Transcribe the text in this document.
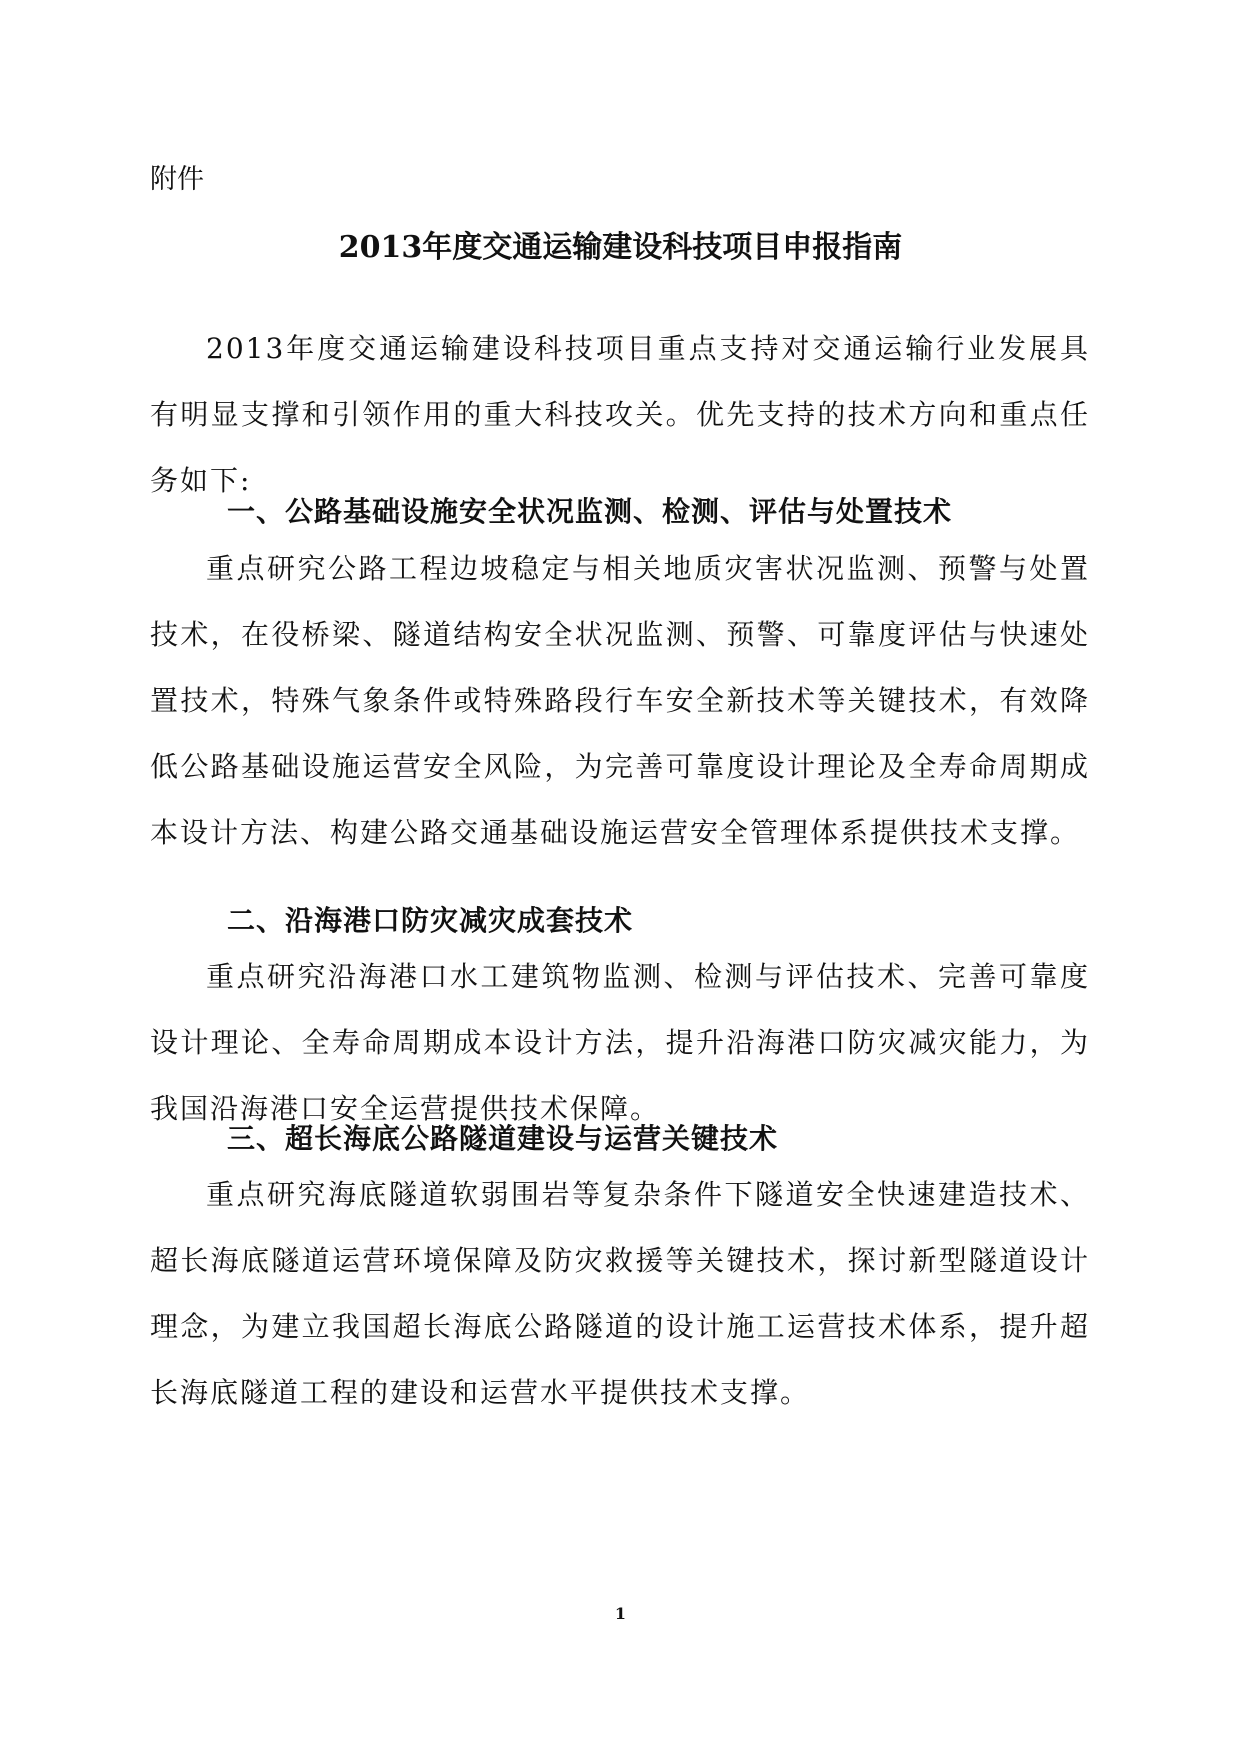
附件
2013年度交通运输建设科技项目申报指南

2013年度交通运输建设科技项目重点支持对交通运输行业发展具有明显支撑和引领作用的重大科技攻关。优先支持的技术方向和重点任务如下:

一、公路基础设施安全状况监测、检测、评估与处置技术

重点研究公路工程边坡稳定与相关地质灾害状况监测、预警与处置技术，在役桥梁、隧道结构安全状况监测、预警、可靠度评估与快速处置技术，特殊气象条件或特殊路段行车安全新技术等关键技术，有效降低公路基础设施运营安全风险，为完善可靠度设计理论及全寿命周期成本设计方法、构建公路交通基础设施运营安全管理体系提供技术支撑。

二、沿海港口防灾减灾成套技术

重点研究沿海港口水工建筑物监测、检测与评估技术、完善可靠度设计理论、全寿命周期成本设计方法，提升沿海港口防灾减灾能力，为我国沿海港口安全运营提供技术保障。

三、超长海底公路隧道建设与运营关键技术

重点研究海底隧道软弱围岩等复杂条件下隧道安全快速建造技术、超长海底隧道运营环境保障及防灾救援等关键技术，探讨新型隧道设计理念，为建立我国超长海底公路隧道的设计施工运营技术体系，提升超长海底隧道工程的建设和运营水平提供技术支撑。

1
